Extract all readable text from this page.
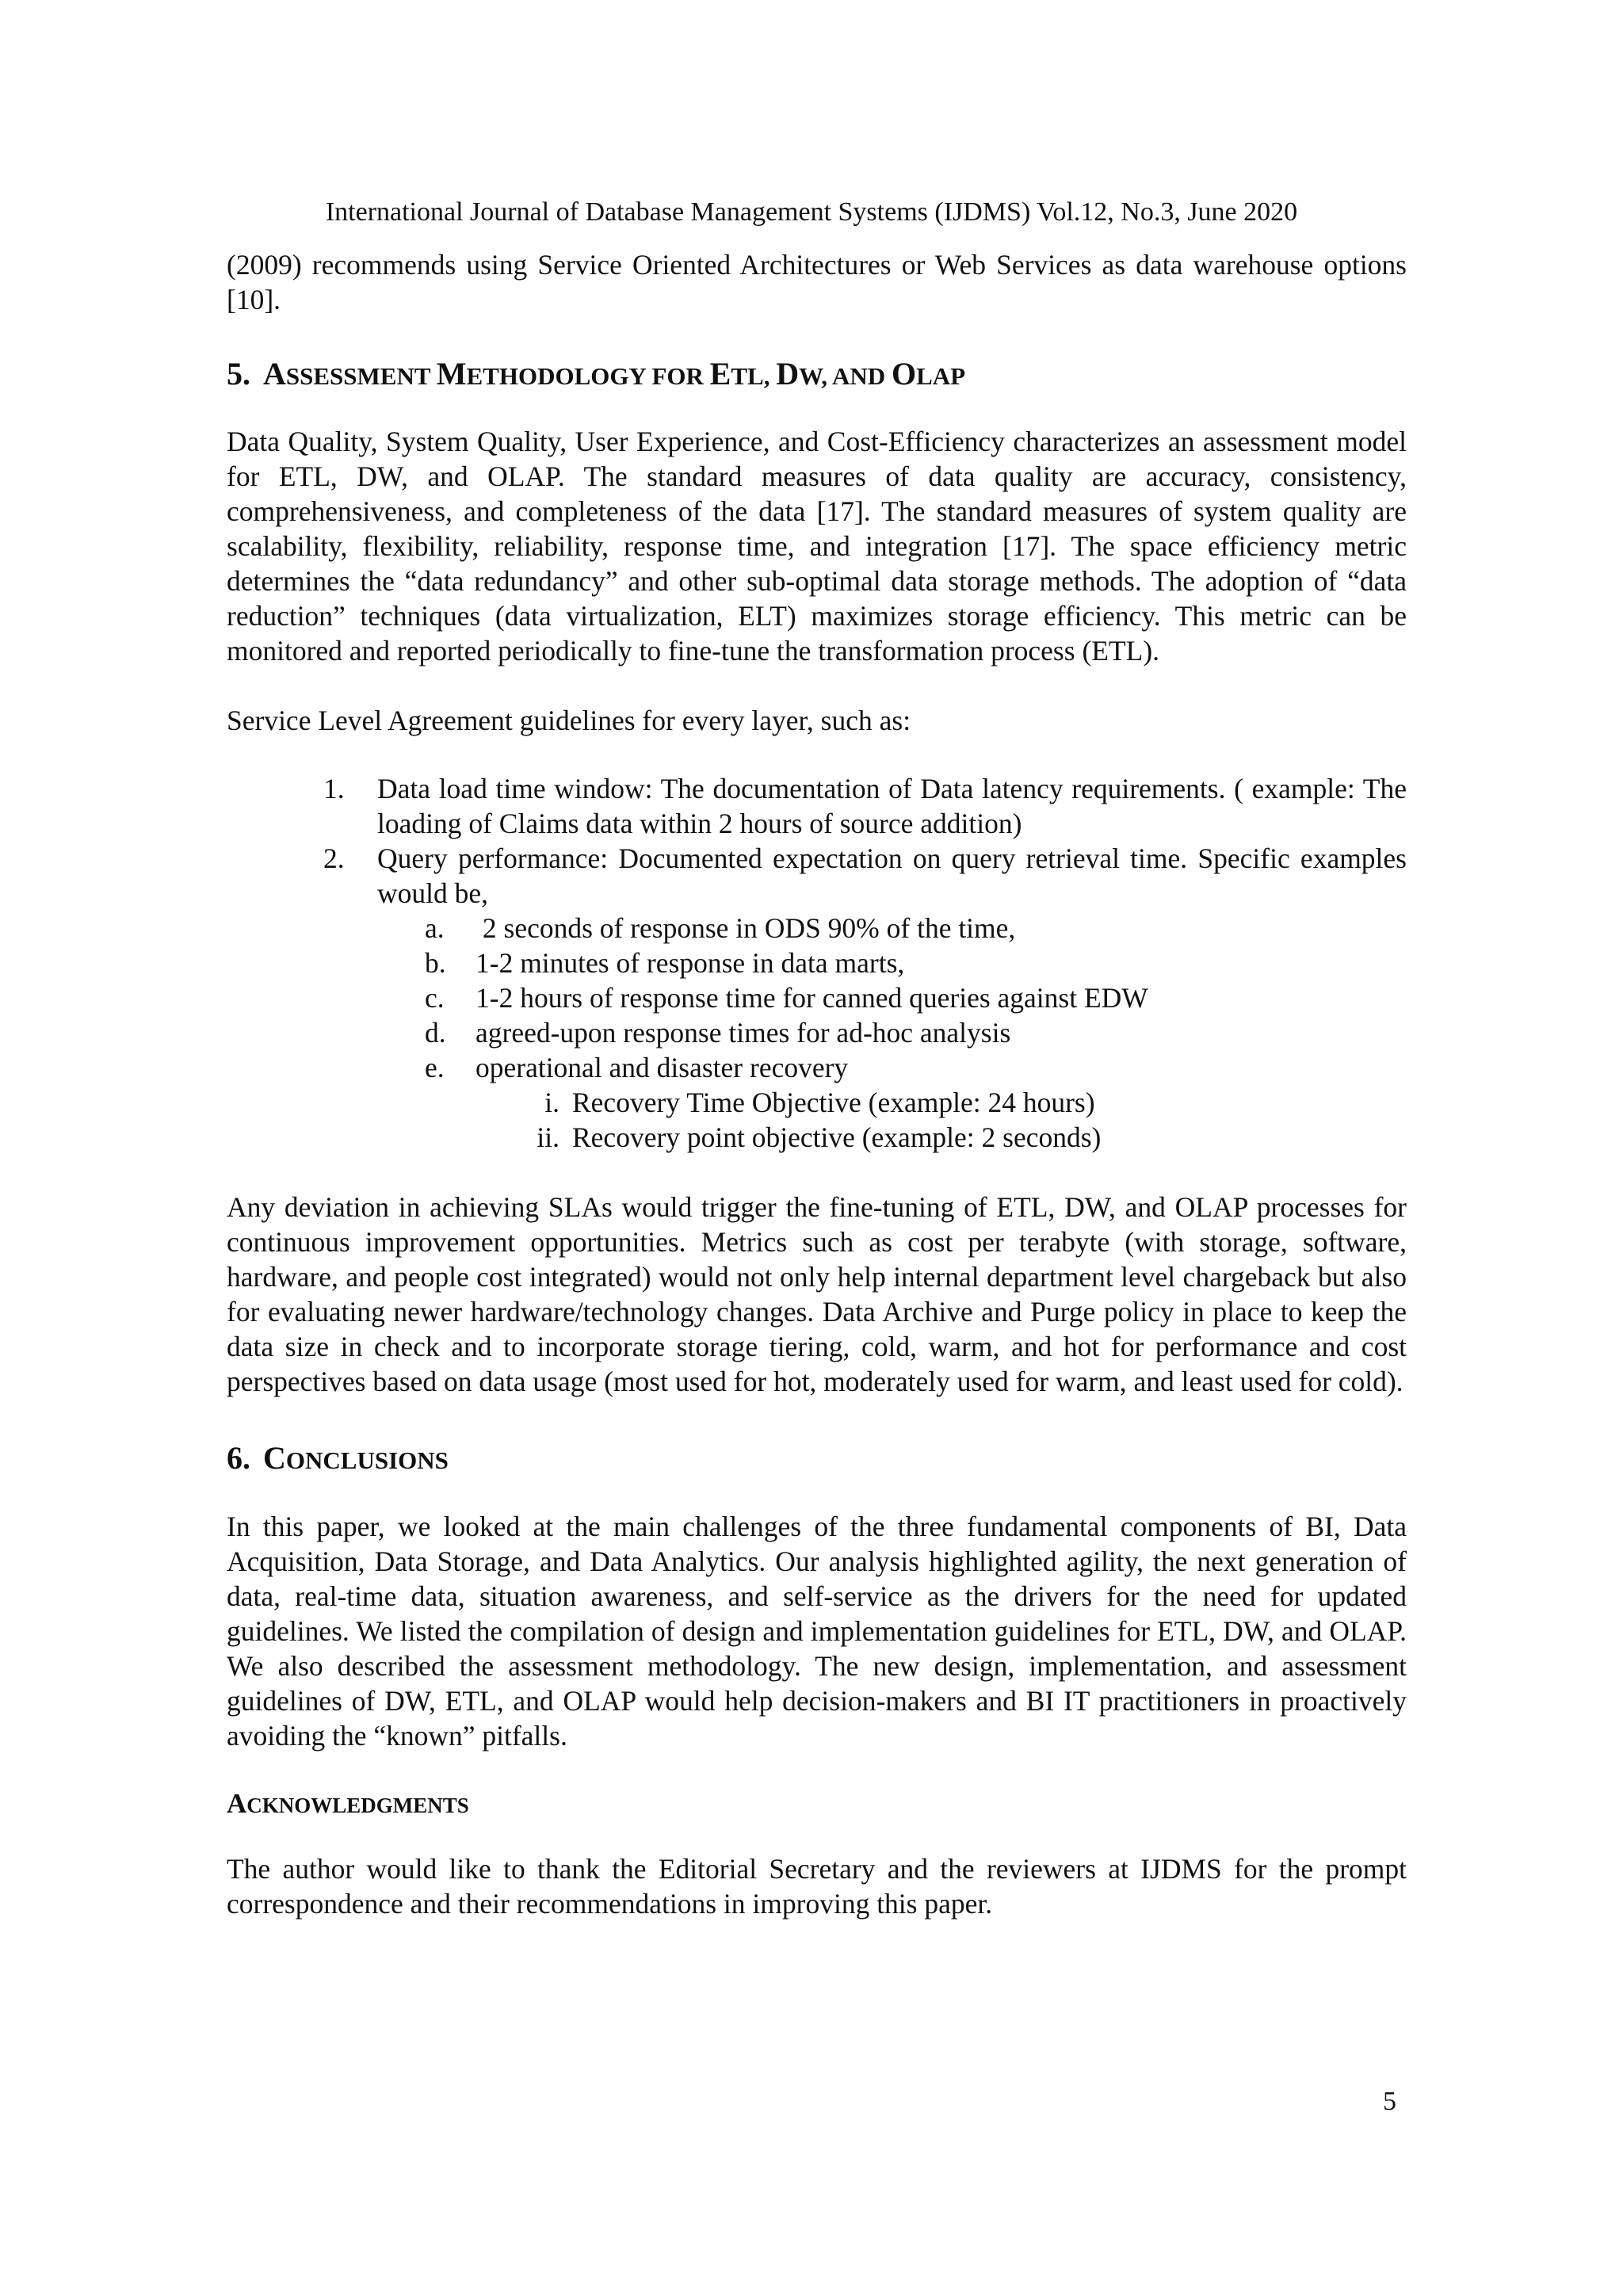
International Journal of Database Management Systems (IJDMS) Vol.12, No.3, June 2020

(2009) recommends using Service Oriented Architectures or Web Services as data warehouse options [10].

5. ASSESSMENT METHODOLOGY FOR ETL, DW, AND OLAP

Data Quality, System Quality, User Experience, and Cost-Efficiency characterizes an assessment model for ETL, DW, and OLAP. The standard measures of data quality are accuracy, consistency, comprehensiveness, and completeness of the data [17]. The standard measures of system quality are scalability, flexibility, reliability, response time, and integration [17]. The space efficiency metric determines the “data redundancy” and other sub-optimal data storage methods. The adoption of “data reduction” techniques (data virtualization, ELT) maximizes storage efficiency. This metric can be monitored and reported periodically to fine-tune the transformation process (ETL).

Service Level Agreement guidelines for every layer, such as:

1. Data load time window: The documentation of Data latency requirements. ( example: The loading of Claims data within 2 hours of source addition)
2. Query performance: Documented expectation on query retrieval time. Specific examples would be,
a. 2 seconds of response in ODS 90% of the time,
b. 1-2 minutes of response in data marts,
c. 1-2 hours of response time for canned queries against EDW
d. agreed-upon response times for ad-hoc analysis
e. operational and disaster recovery
i. Recovery Time Objective (example: 24 hours)
ii. Recovery point objective (example: 2 seconds)

Any deviation in achieving SLAs would trigger the fine-tuning of ETL, DW, and OLAP processes for continuous improvement opportunities. Metrics such as cost per terabyte (with storage, software, hardware, and people cost integrated) would not only help internal department level chargeback but also for evaluating newer hardware/technology changes. Data Archive and Purge policy in place to keep the data size in check and to incorporate storage tiering, cold, warm, and hot for performance and cost perspectives based on data usage (most used for hot, moderately used for warm, and least used for cold).

6. CONCLUSIONS

In this paper, we looked at the main challenges of the three fundamental components of BI, Data Acquisition, Data Storage, and Data Analytics. Our analysis highlighted agility, the next generation of data, real-time data, situation awareness, and self-service as the drivers for the need for updated guidelines. We listed the compilation of design and implementation guidelines for ETL, DW, and OLAP. We also described the assessment methodology. The new design, implementation, and assessment guidelines of DW, ETL, and OLAP would help decision-makers and BI IT practitioners in proactively avoiding the “known” pitfalls.

ACKNOWLEDGMENTS

The author would like to thank the Editorial Secretary and the reviewers at IJDMS for the prompt correspondence and their recommendations in improving this paper.

5
